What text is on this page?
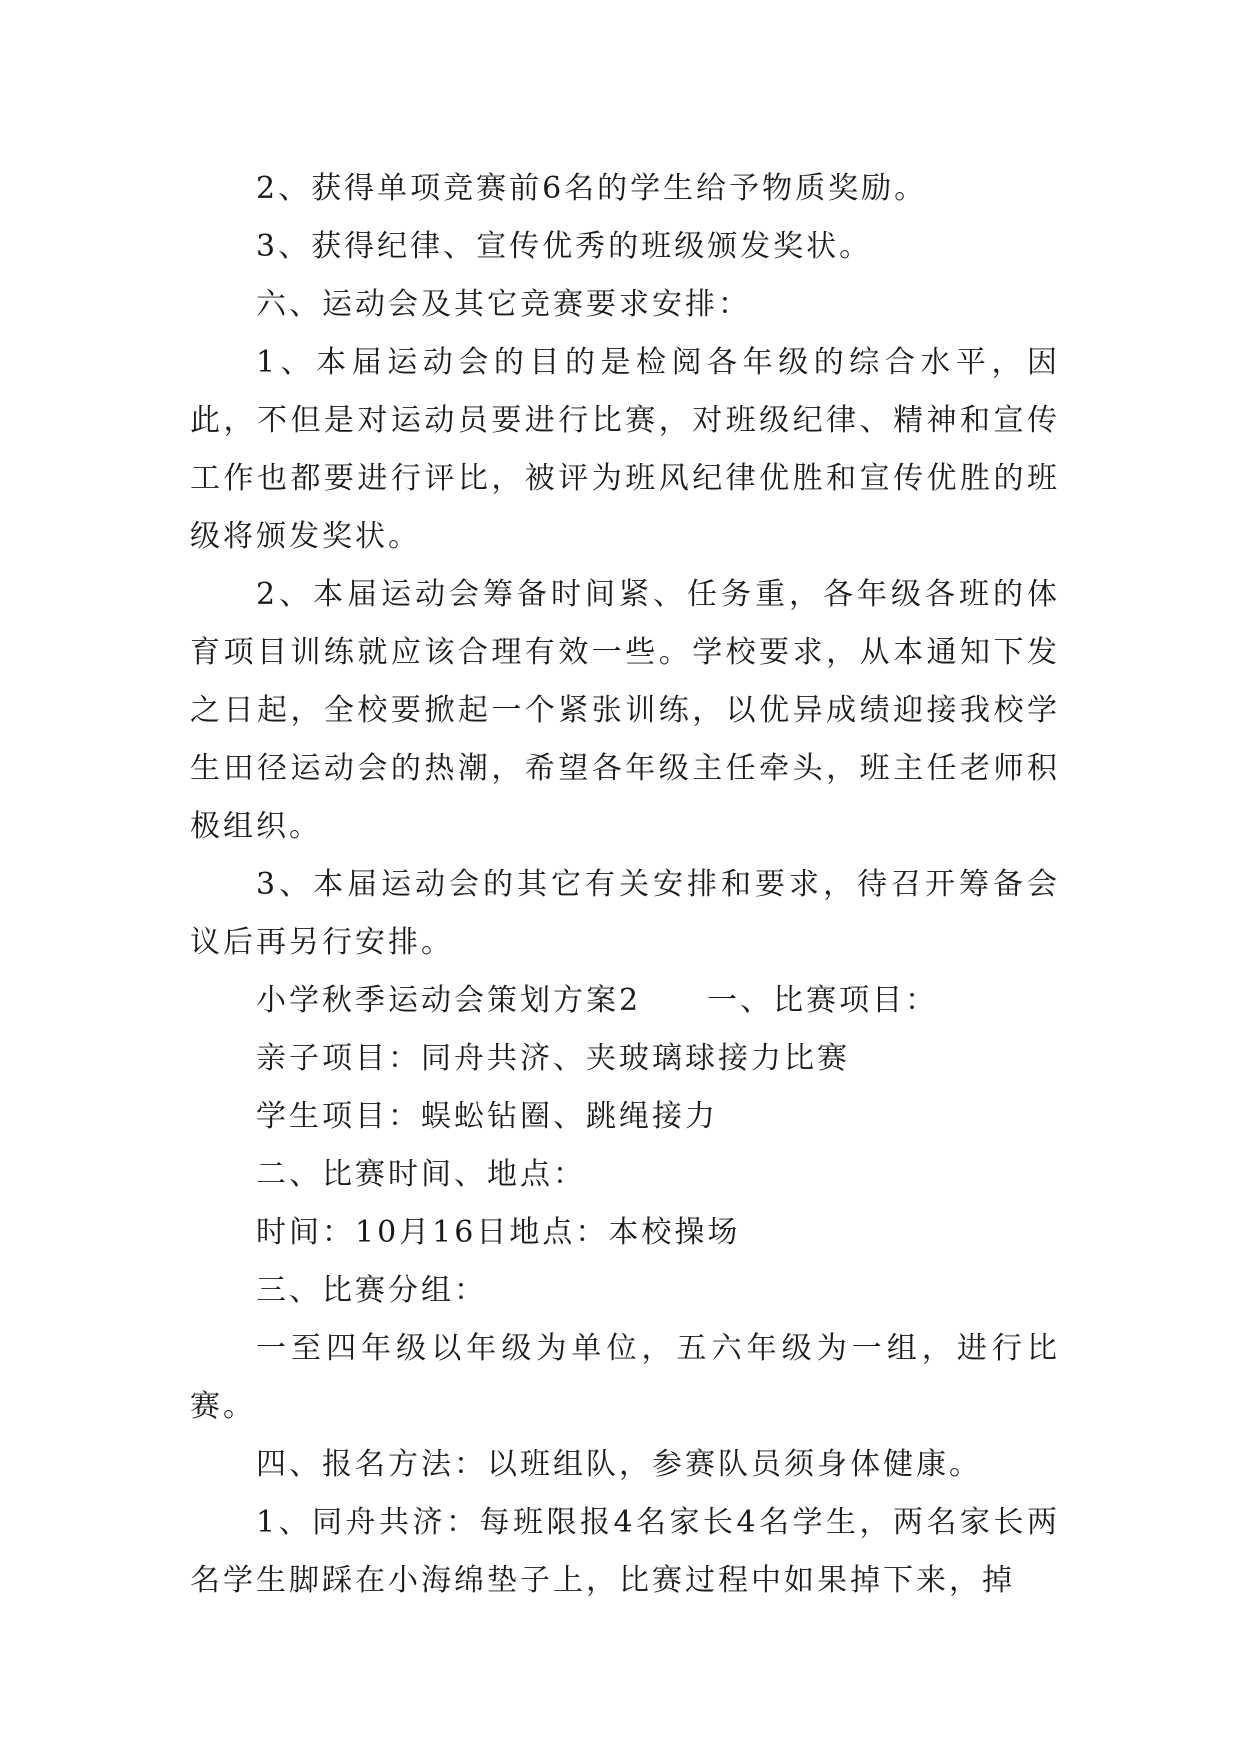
2、获得单项竞赛前6名的学生给予物质奖励。

3、获得纪律、宣传优秀的班级颁发奖状。

六、运动会及其它竞赛要求安排：

1、本届运动会的目的是检阅各年级的综合水平，因此，不但是对运动员要进行比赛，对班级纪律、精神和宣传工作也都要进行评比，被评为班风纪律优胜和宣传优胜的班级将颁发奖状。

2、本届运动会筹备时间紧、任务重，各年级各班的体育项目训练就应该合理有效一些。学校要求，从本通知下发之日起，全校要掀起一个紧张训练，以优异成绩迎接我校学生田径运动会的热潮，希望各年级主任牵头，班主任老师积极组织。

3、本届运动会的其它有关安排和要求，待召开筹备会议后再另行安排。

小学秋季运动会策划方案2　　一、比赛项目：

亲子项目：同舟共济、夹玻璃球接力比赛

学生项目：蜈蚣钻圈、跳绳接力

二、比赛时间、地点：

时间：10月16日地点：本校操场

三、比赛分组：

一至四年级以年级为单位，五六年级为一组，进行比赛。

四、报名方法：以班组队，参赛队员须身体健康。

1、同舟共济：每班限报4名家长4名学生，两名家长两名学生脚踩在小海绵垫子上，比赛过程中如果掉下来，掉
